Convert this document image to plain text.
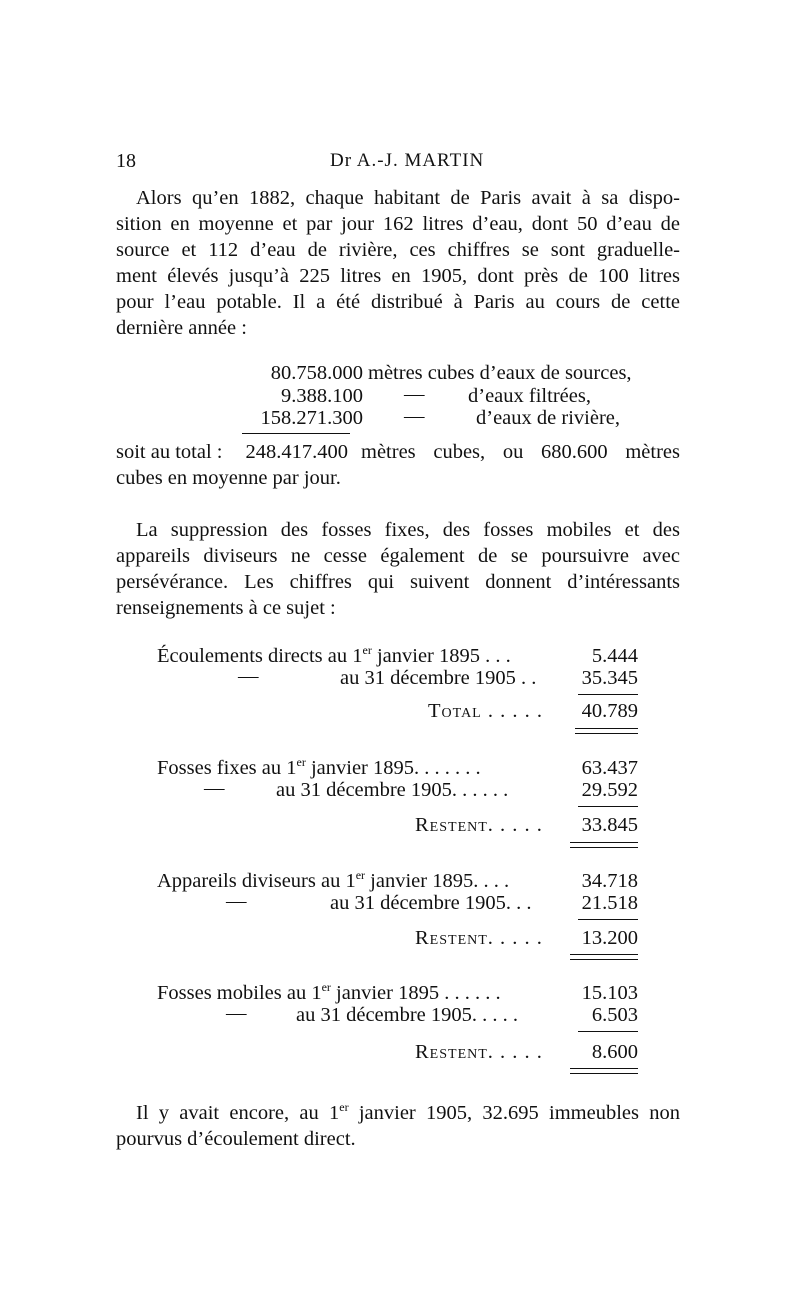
18	Dr A.-J. MARTIN
Alors qu’en 1882, chaque habitant de Paris avait à sa dispo-
sition en moyenne et par jour 162 litres d’eau, dont 50 d’eau de
source et 112 d’eau de rivière, ces chiffres se sont graduelle-
ment élevés jusqu’à 225 litres en 1905, dont près de 100 litres
pour l’eau potable. Il a été distribué à Paris au cours de cette
dernière année :
80.758.000 mètres cubes d’eaux de sources,
9.388.100 — d’eaux filtrées,
158.271.300 —	d’eaux de rivière,
soit au total :	248.417.400 mètres cubes, ou 680.600 mètres
cubes en moyenne par jour.
La suppression des fosses fixes, des fosses mobiles et des
appareils diviseurs ne cesse également de se poursuivre avec
persévérance. Les chiffres qui suivent donnent d’intéressants
renseignements à ce sujet :
Écoulements directs au 1er janvier 1895 . . .	5.444
—	au 31 décembre 1905 . .	35.345
Total . . . . .	40.789
Fosses fixes au 1er janvier 1895. . . . . . .	63.437
—	au 31 décembre 1905. . . . . .	29.592
Restent. . . . .	33.845
Appareils diviseurs au 1er janvier 1895. . . .	34.718
—	au 31 décembre 1905. . .	21.518
Restent. . . . .	13.200
Fosses mobiles au 1er janvier 1895 . . . . . .	15.103
— au 31 décembre 1905. . . . .	6.503
Restent. . . . .	8.600
Il y avait encore, au 1er janvier 1905, 32.695 immeubles non
pourvus d’écoulement direct.
